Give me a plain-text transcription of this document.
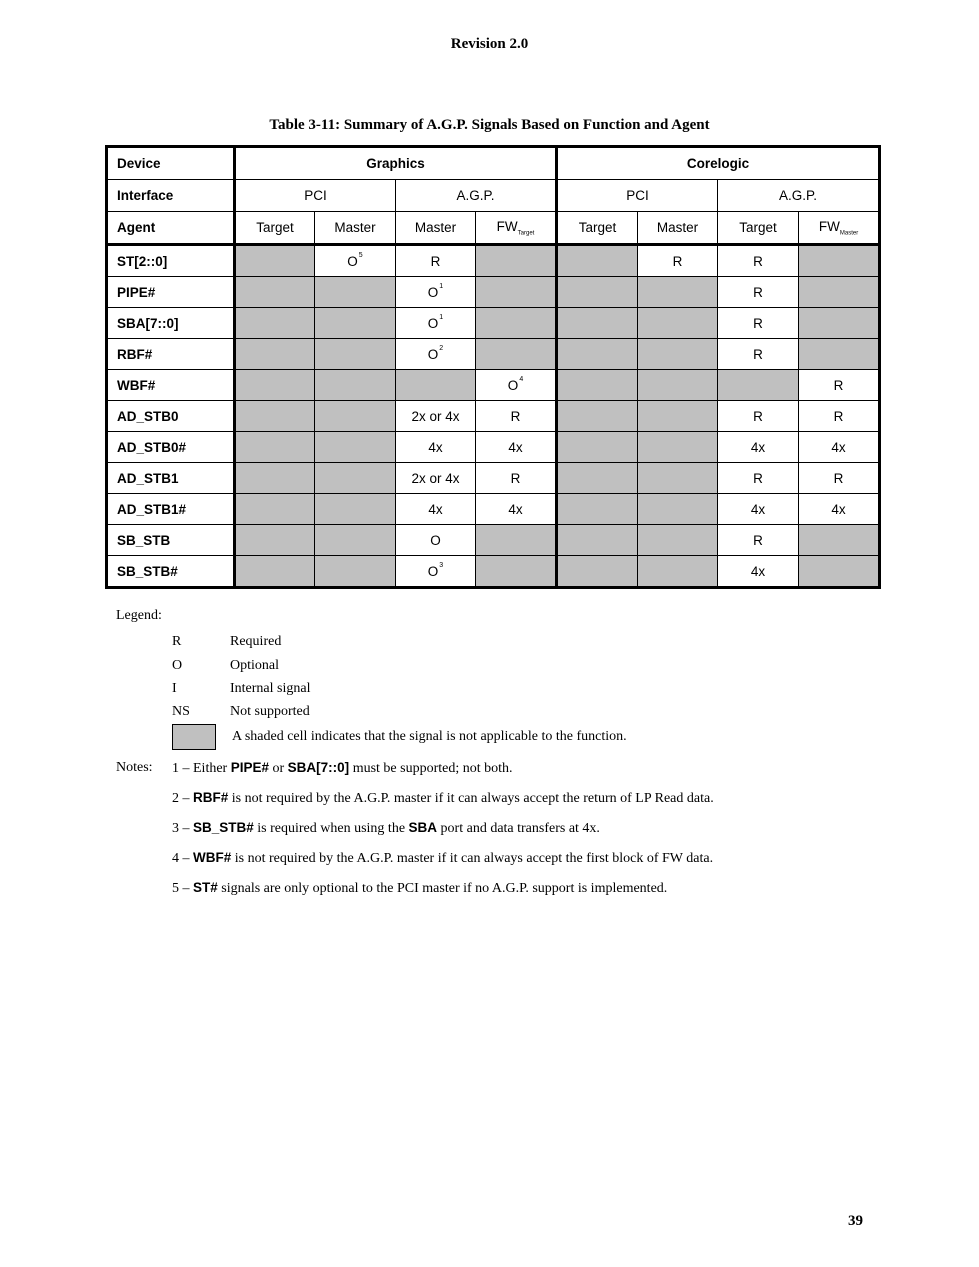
Revision 2.0
Table 3-11: Summary of A.G.P. Signals Based on Function and Agent
Device	Graphics				Corelogic			
Interface	PCI		A.G.P.		PCI		A.G.P.	
Agent	Target	Master	Master	$FW_{Target}$	Target	Master	Target	$FW_{Master}$
ST[2::0]		$O^5$	R			R	R	
PIPE#			$O^1$				R	
SBA[7::0]			$O^1$				R	
RBF#			$O^2$				R	
WBF#				$O^4$				R
AD_STB0			2x or 4x	R			R	R
AD_STB0#			4x	4x			4x	4x
AD_STB1			2x or 4x	R			R	R
AD_STB1#			4x	4x			4x	4x
SB_STB			O				R	
SB_STB#			$O^3$				4x	
Legend:
R	Required
O	Optional
I	Internal signal
NS	Not supported
A shaded cell indicates that the signal is not applicable to the function.
Notes: 1 – Either PIPE# or SBA[7::0] must be supported; not both.
2 – RBF# is not required by the A.G.P. master if it can always accept the return of LP Read data.
3 – SB_STB# is required when using the SBA port and data transfers at 4x.
4 – WBF# is not required by the A.G.P. master if it can always accept the first block of FW data.
5 – ST# signals are only optional to the PCI master if no A.G.P. support is implemented.
39
